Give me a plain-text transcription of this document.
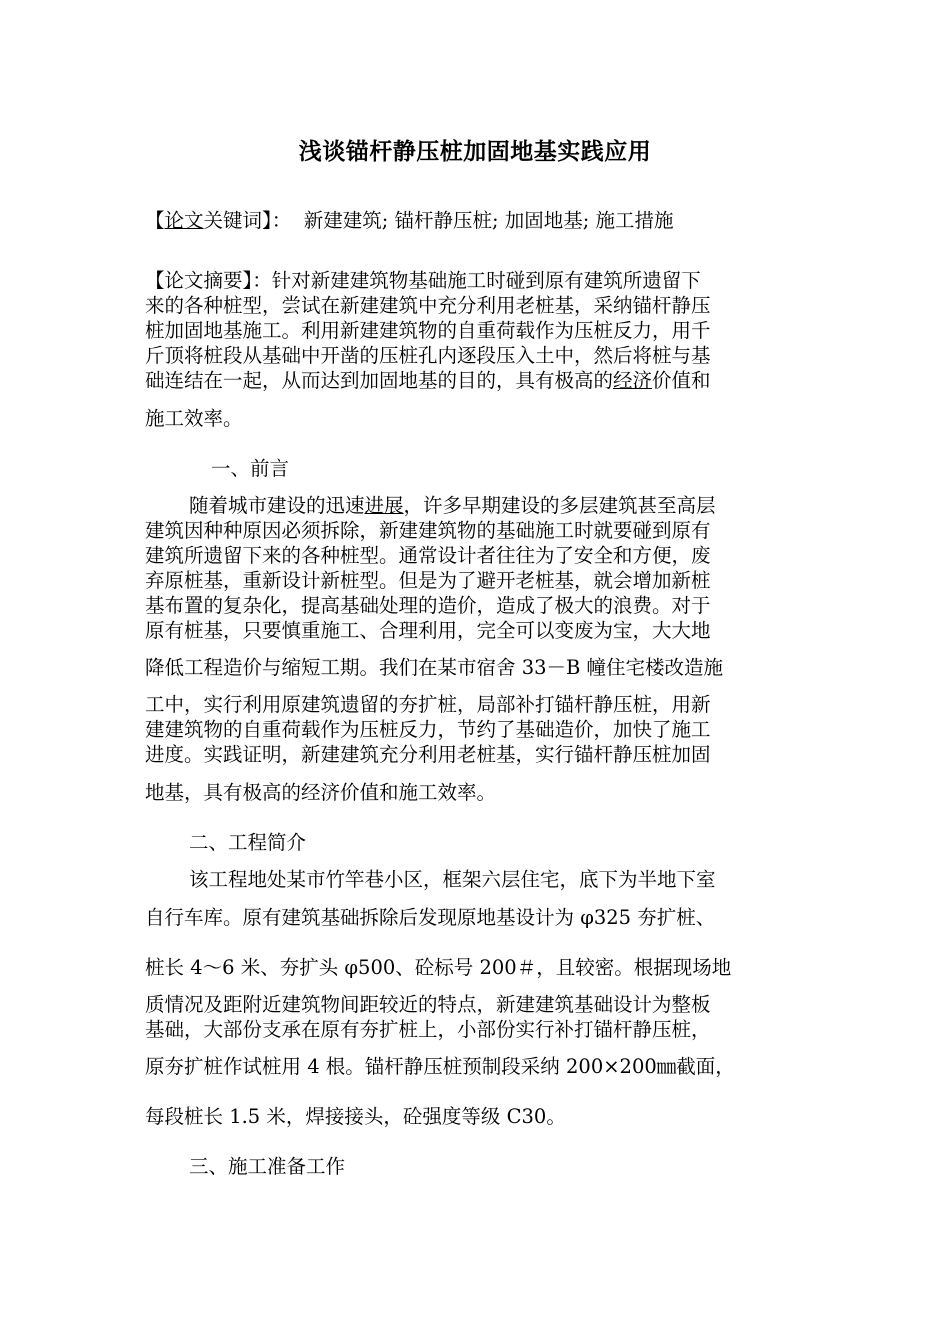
浅谈锚杆静压桩加固地基实践应用
【论文关键词】： 新建建筑; 锚杆静压桩; 加固地基; 施工措施
【论文摘要】：针对新建建筑物基础施工时碰到原有建筑所遗留下
来的各种桩型，尝试在新建建筑中充分利用老桩基，采纳锚杆静压
桩加固地基施工。利用新建建筑物的自重荷载作为压桩反力，用千
斤顶将桩段从基础中开凿的压桩孔内逐段压入土中，然后将桩与基
础连结在一起，从而达到加固地基的目的，具有极高的经济价值和
施工效率。
一、前言
随着城市建设的迅速进展，许多早期建设的多层建筑甚至高层
建筑因种种原因必须拆除，新建建筑物的基础施工时就要碰到原有
建筑所遗留下来的各种桩型。通常设计者往往为了安全和方便，废
弃原桩基，重新设计新桩型。但是为了避开老桩基，就会增加新桩
基布置的复杂化，提高基础处理的造价，造成了极大的浪费。对于
原有桩基，只要慎重施工、合理利用，完全可以变废为宝，大大地
降低工程造价与缩短工期。我们在某市宿舍 33－B 幢住宅楼改造施
工中，实行利用原建筑遗留的夯扩桩，局部补打锚杆静压桩，用新
建建筑物的自重荷载作为压桩反力，节约了基础造价，加快了施工
进度。实践证明，新建建筑充分利用老桩基，实行锚杆静压桩加固
地基，具有极高的经济价值和施工效率。
二、工程简介
该工程地处某市竹竿巷小区，框架六层住宅，底下为半地下室
自行车库。原有建筑基础拆除后发现原地基设计为 φ325 夯扩桩、
桩长 4～6 米、夯扩头 φ500、砼标号 200＃，且较密。根据现场地
质情况及距附近建筑物间距较近的特点，新建建筑基础设计为整板
基础，大部份支承在原有夯扩桩上，小部份实行补打锚杆静压桩，
原夯扩桩作试桩用 4 根。锚杆静压桩预制段采纳 200×200㎜截面，
每段桩长 1.5 米，焊接接头，砼强度等级 C30。
三、施工准备工作
